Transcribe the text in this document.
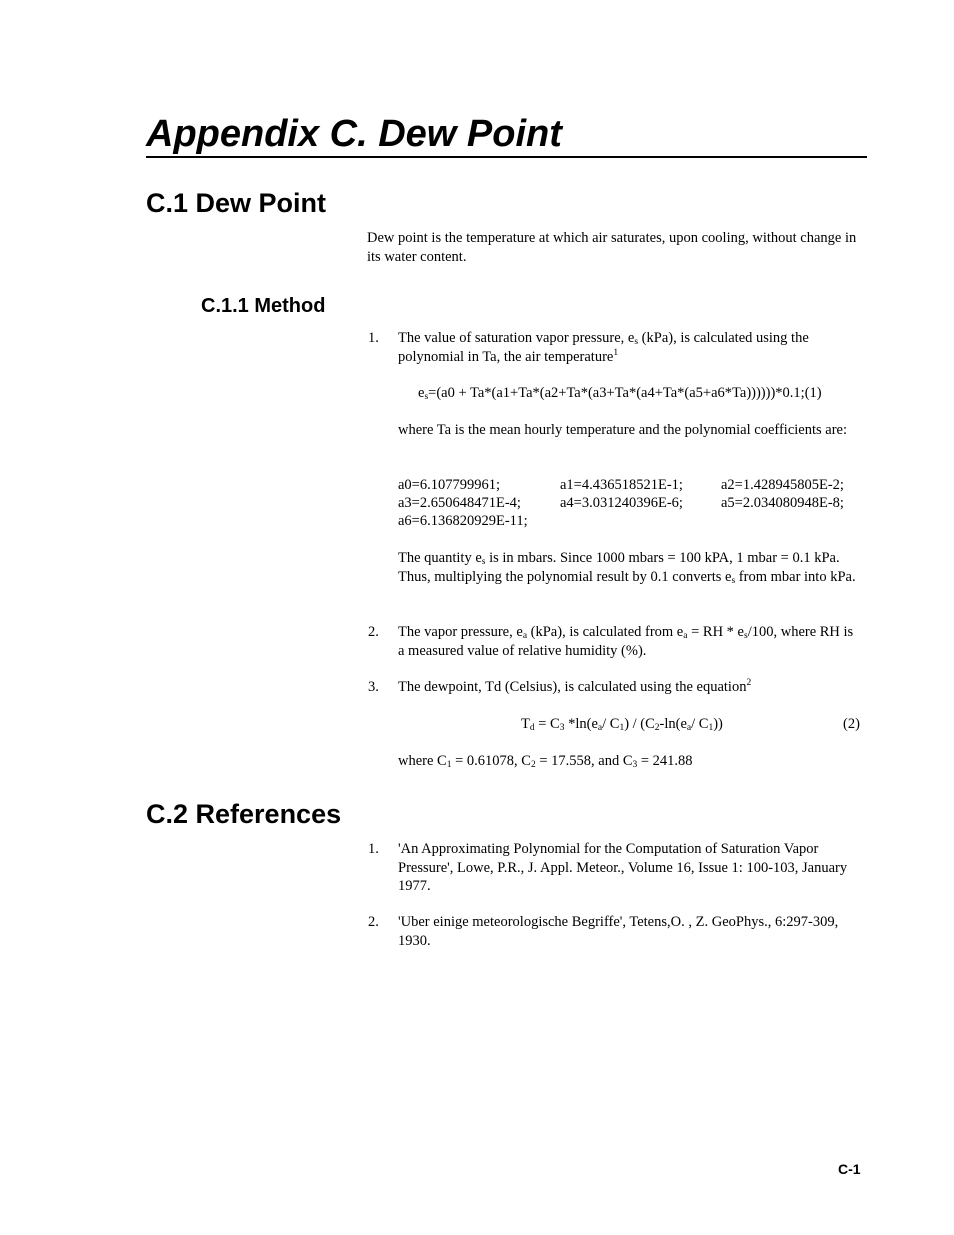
Appendix C. Dew Point
C.1 Dew Point
Dew point is the temperature at which air saturates, upon cooling, without change in its water content.
C.1.1 Method
1. The value of saturation vapor pressure, $e_s$ (kPa), is calculated using the polynomial in Ta, the air temperature$^1$
$e_s=(a0$ + Ta*(a1+Ta*(a2+Ta*(a3+Ta*(a4+Ta*(a5+a6*Ta))))))*0.1;(1)
where Ta is the mean hourly temperature and the polynomial coefficients are:
a0=6.107799961;	a1=4.436518521E-1;	a2=1.428945805E-2;
a3=2.650648471E-4;	a4=3.031240396E-6;	a5=2.034080948E-8;
a6=6.136820929E-11;
The quantity $e_s$ is in mbars. Since 1000 mbars = 100 kPA, 1 mbar = 0.1 kPa. Thus, multiplying the polynomial result by 0.1 converts $e_s$ from mbar into kPa.
2. The vapor pressure, $e_a$ (kPa), is calculated from $e_a$ = RH * $e_s/100$, where RH is a measured value of relative humidity (%).
3. The dewpoint, Td (Celsius), is calculated using the equation$^2$
$T_d = C_3$ $*\ln(e_a/$ $C_1) / (C_2-\ln(e_a/$ $C_1$))	(2)
where $C_1 = 0.61078$, $C_2 = 17.558$, and $C_3 = 241.88$
C.2 References
1. 'An Approximating Polynomial for the Computation of Saturation Vapor Pressure', Lowe, P.R., J. Appl. Meteor., Volume 16, Issue 1: 100-103, January 1977.
2. 'Uber einige meteorologische Begriffe', Tetens,O. , Z. GeoPhys., 6:297-309, 1930.
C-1
